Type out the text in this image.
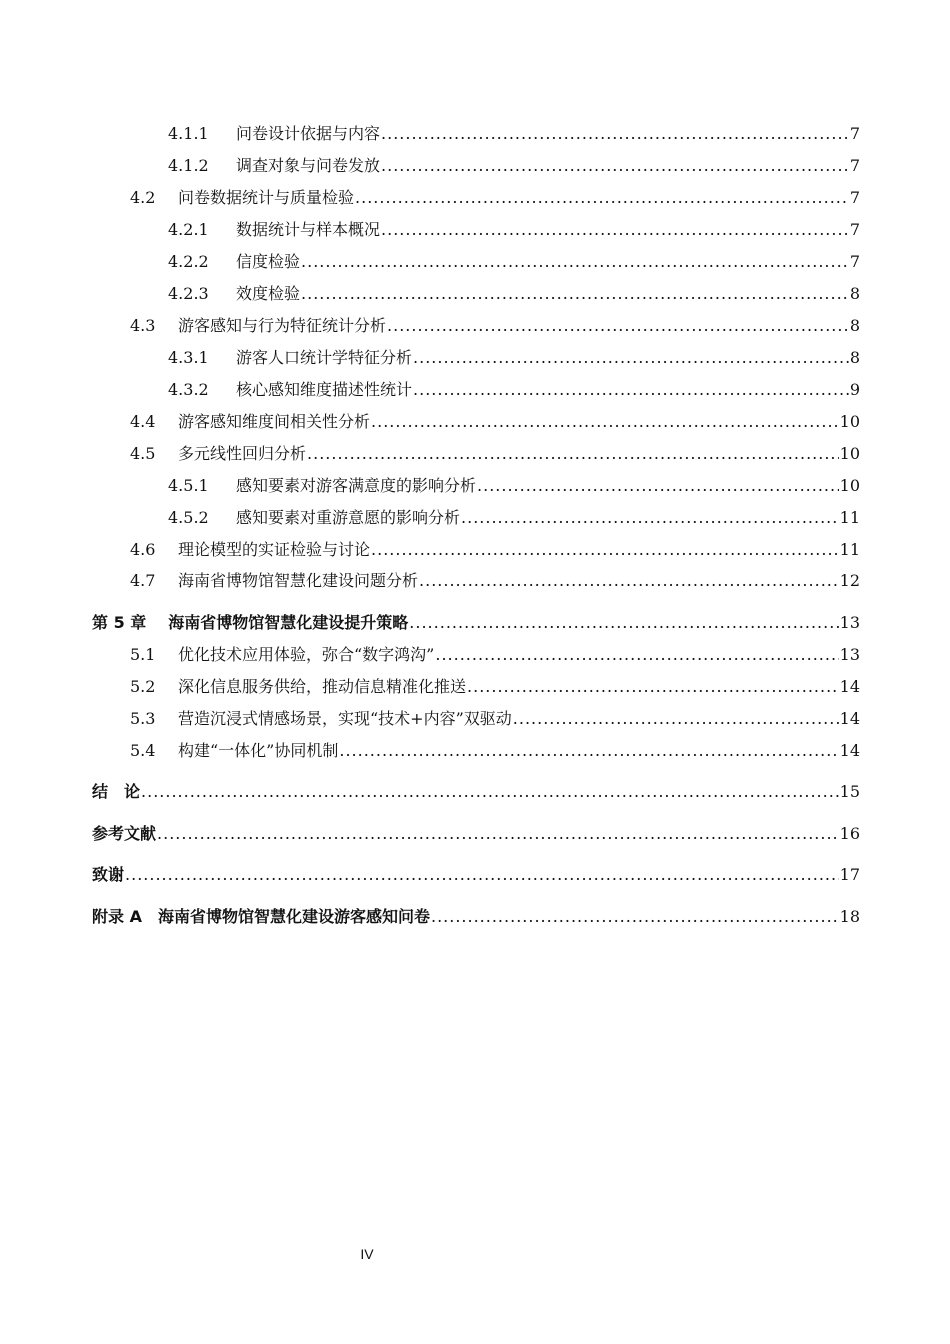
4.1.1 问卷设计依据与内容 .....	7
4.1.2 调查对象与问卷发放 .....	7
4.2 问卷数据统计与质量检验 .....	7
4.2.1 数据统计与样本概况 .....	7
4.2.2 信度检验 .....	7
4.2.3 效度检验 .....	8
4.3 游客感知与行为特征统计分析 .....	8
4.3.1 游客人口统计学特征分析 .....	8
4.3.2 核心感知维度描述性统计 .....	9
4.4 游客感知维度间相关性分析 .....	10
4.5 多元线性回归分析 .....	10
4.5.1 感知要素对游客满意度的影响分析 .....	10
4.5.2 感知要素对重游意愿的影响分析 .....	11
4.6 理论模型的实证检验与讨论 .....	11
4.7 海南省博物馆智慧化建设问题分析 .....	12
第 5 章 海南省博物馆智慧化建设提升策略 .....	13
5.1 优化技术应用体验，弥合“数字鸿沟” .....	13
5.2 深化信息服务供给，推动信息精准化推送 .....	14
5.3 营造沉浸式情感场景，实现“技术+内容”双驱动 .....	14
5.4 构建“一体化”协同机制 .....	14
结　论 .....	15
参考文献 .....	16
致谢 .....	17
附录 A 海南省博物馆智慧化建设游客感知问卷 .....	18
IV
